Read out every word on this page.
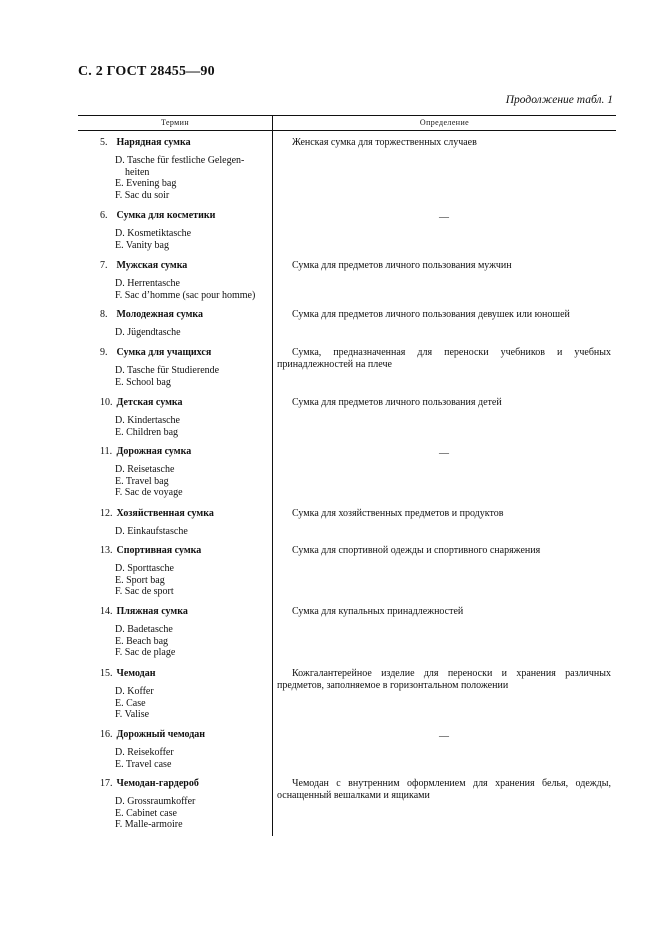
С. 2 ГОСТ 28455—90
Продолжение табл. 1
Термин	Определение
5. Нарядная сумка
D. Tasche für festliche Gelegen-
heiten
E. Evening bag
F. Sac du soir
Женская сумка для торжественных случаев
6. Сумка для косметики
D. Kosmetiktasche
E. Vanity bag
—
7. Мужская сумка
D. Herrentasche
F. Sac d’homme (sac pour homme)
Сумка для предметов личного пользования мужчин
8. Молодежная сумка
D. Jügendtasche
Сумка для предметов личного пользования девушек или юношей
9. Сумка для учащихся
D. Tasche für Studierende
E. School bag
Сумка, предназначенная для переноски учебников и учебных принадлежностей на плече
10. Детская сумка
D. Kindertasche
E. Children bag
Сумка для предметов личного пользования детей
11. Дорожная сумка
D. Reisetasche
E. Travel bag
F. Sac de voyage
—
12. Хозяйственная сумка
D. Einkaufstasche
Сумка для хозяйственных предметов и продуктов
13. Спортивная сумка
D. Sporttasche
E. Sport bag
F. Sac de sport
Сумка для спортивной одежды и спортивного снаряжения
14. Пляжная сумка
D. Badetasche
E. Beach bag
F. Sac de plage
Сумка для купальных принадлежностей
15. Чемодан
D. Koffer
E. Case
F. Valise
Кожгалантерейное изделие для переноски и хранения различных предметов, заполняемое в горизонтальном положении
16. Дорожный чемодан
D. Reisekoffer
E. Travel case
—
17. Чемодан-гардероб
D. Grossraumkoffer
E. Cabinet case
F. Malle-armoire
Чемодан с внутренним оформлением для хранения белья, одежды, оснащенный вешалками и ящиками
